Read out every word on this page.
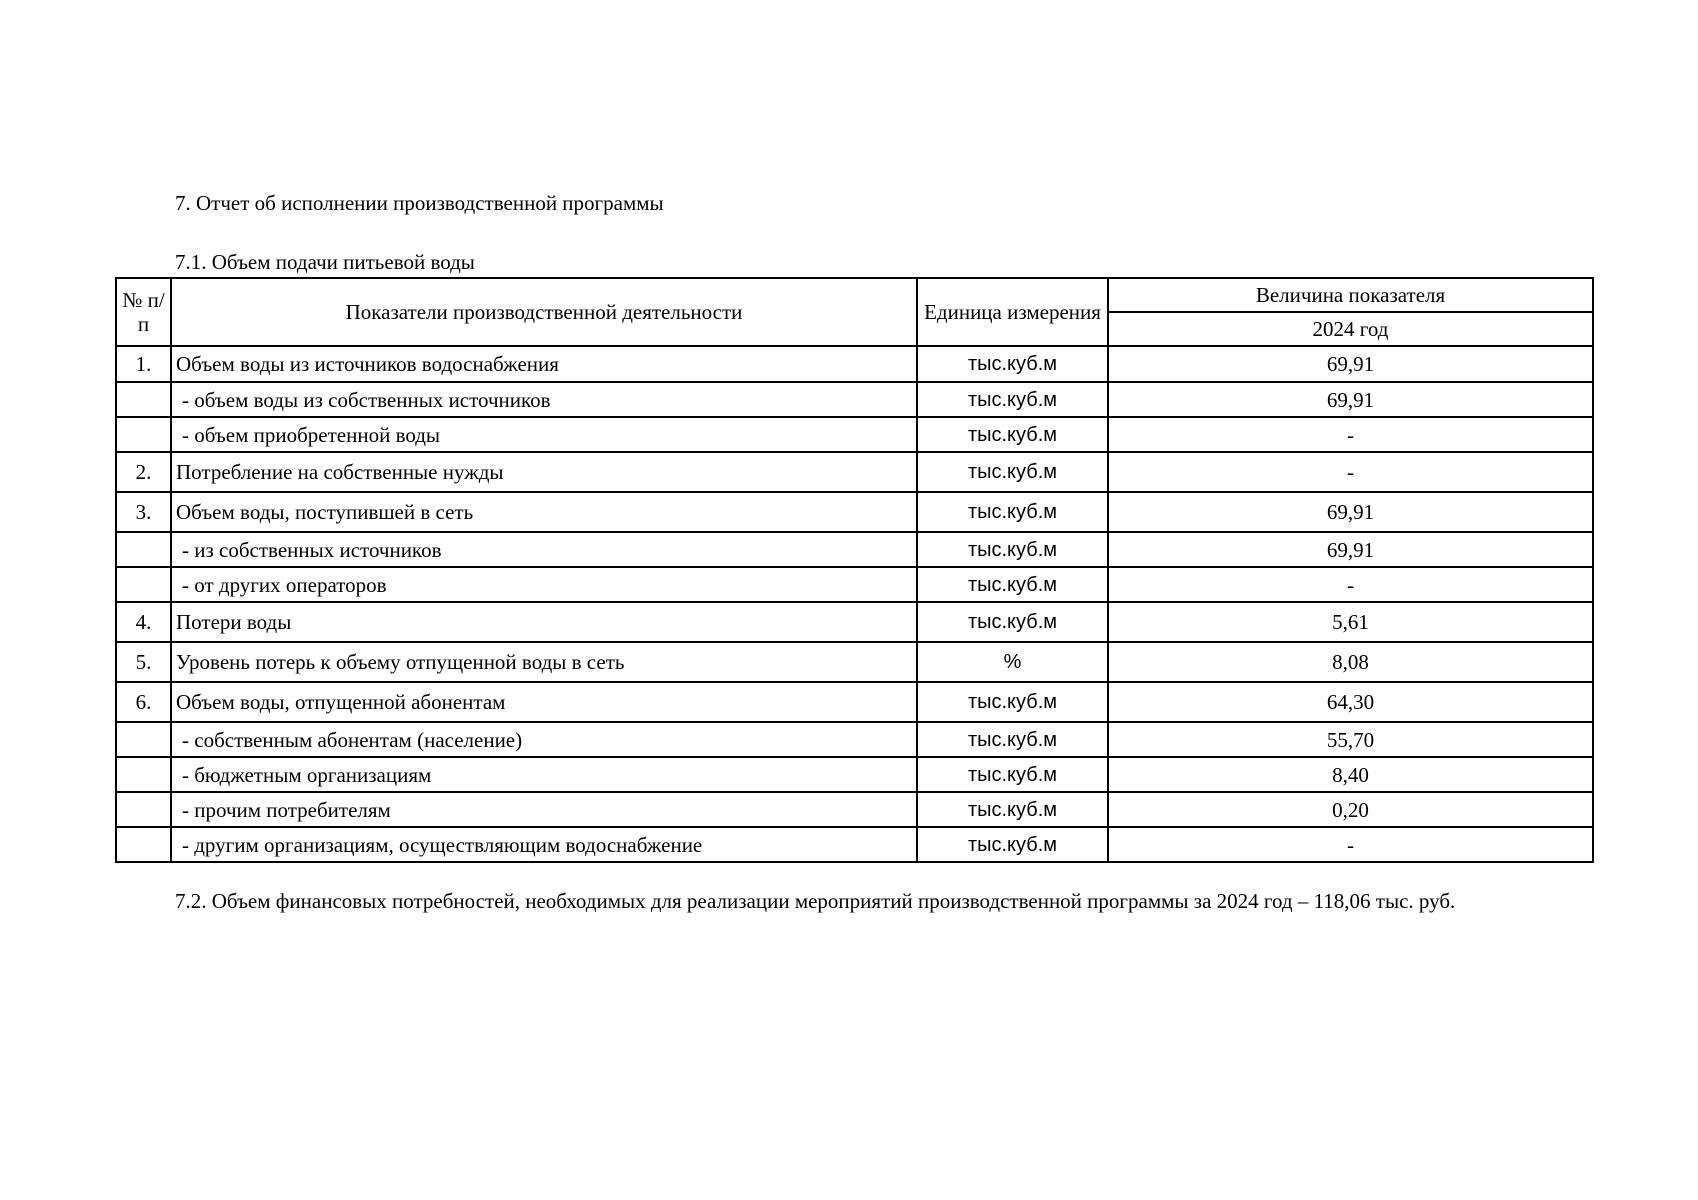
7. Отчет об исполнении производственной программы
7.1. Объем подачи питьевой воды
№ п/п	Показатели производственной деятельности	Единица измерения	Величина показателя
			2024 год
1.	Объем воды из источников водоснабжения	тыс.куб.м	69,91
	- объем воды из собственных источников	тыс.куб.м	69,91
	- объем приобретенной воды	тыс.куб.м	-
2.	Потребление на собственные нужды	тыс.куб.м	-
3.	Объем воды, поступившей в сеть	тыс.куб.м	69,91
	- из собственных источников	тыс.куб.м	69,91
	- от других операторов	тыс.куб.м	-
4.	Потери воды	тыс.куб.м	5,61
5.	Уровень потерь к объему отпущенной воды в сеть	%	8,08
6.	Объем воды, отпущенной абонентам	тыс.куб.м	64,30
	- собственным абонентам (население)	тыс.куб.м	55,70
	- бюджетным организациям	тыс.куб.м	8,40
	- прочим потребителям	тыс.куб.м	0,20
	- другим организациям, осуществляющим водоснабжение	тыс.куб.м	-
7.2. Объем финансовых потребностей, необходимых для реализации мероприятий производственной программы за 2024 год – 118,06 тыс. руб.
